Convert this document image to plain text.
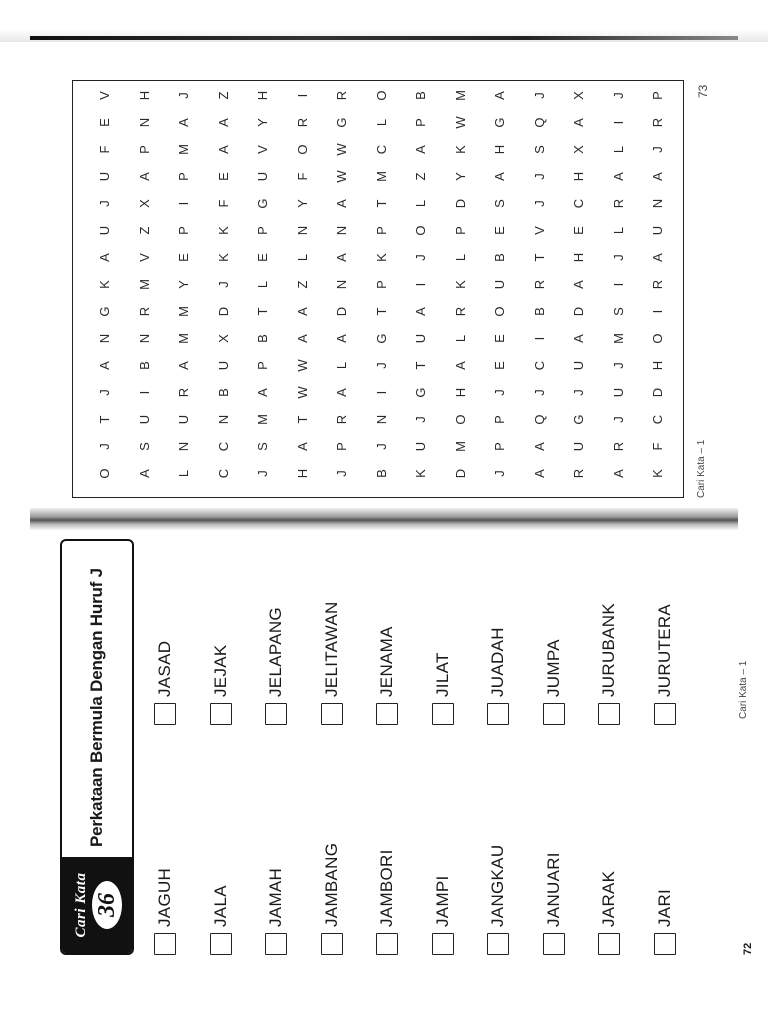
O
J
T
J
A
N
G
K
A
U
J
U
F
E
V
A
S
U
I
B
N
R
M
V
Z
X
A
P
N
H
L
N
U
R
A
M
M
Y
E
P
I
P
M
A
J
C
C
N
B
U
X
D
J
K
K
F
E
A
A
Z
J
S
M
A
P
B
T
L
E
P
G
U
V
Y
H
H
A
T
W
W
A
A
Z
L
N
Y
F
O
R
I
J
P
R
A
L
A
D
N
A
N
A
W
W
G
R
B
J
N
I
J
G
T
P
K
P
T
M
C
L
O
K
U
J
G
T
U
A
I
J
O
L
Z
A
P
B
D
M
O
H
A
L
R
K
L
P
D
Y
K
W
M
J
P
P
J
E
E
O
U
B
E
S
A
H
G
A
A
A
Q
J
C
I
B
R
T
V
J
J
S
Q
J
R
U
G
J
U
A
D
A
H
E
C
H
X
A
X
A
R
J
U
J
M
S
I
J
L
R
A
L
I
J
K
F
C
D
H
O
I
R
A
U
N
A
J
R
P
Cari Kata – 1
73
Cari Kata 36
Perkataan Bermula Dengan Huruf J
JAGUH JALA JAMAH JAMBANG JAMBORI JAMPI JANGKAU JANUARI JARAK JARI
JASAD JEJAK JELAPANG JELITAWAN JENAMA JILAT JUADAH JUMPA JURUBANK JURUTERA	Cari Kata – 1
72
